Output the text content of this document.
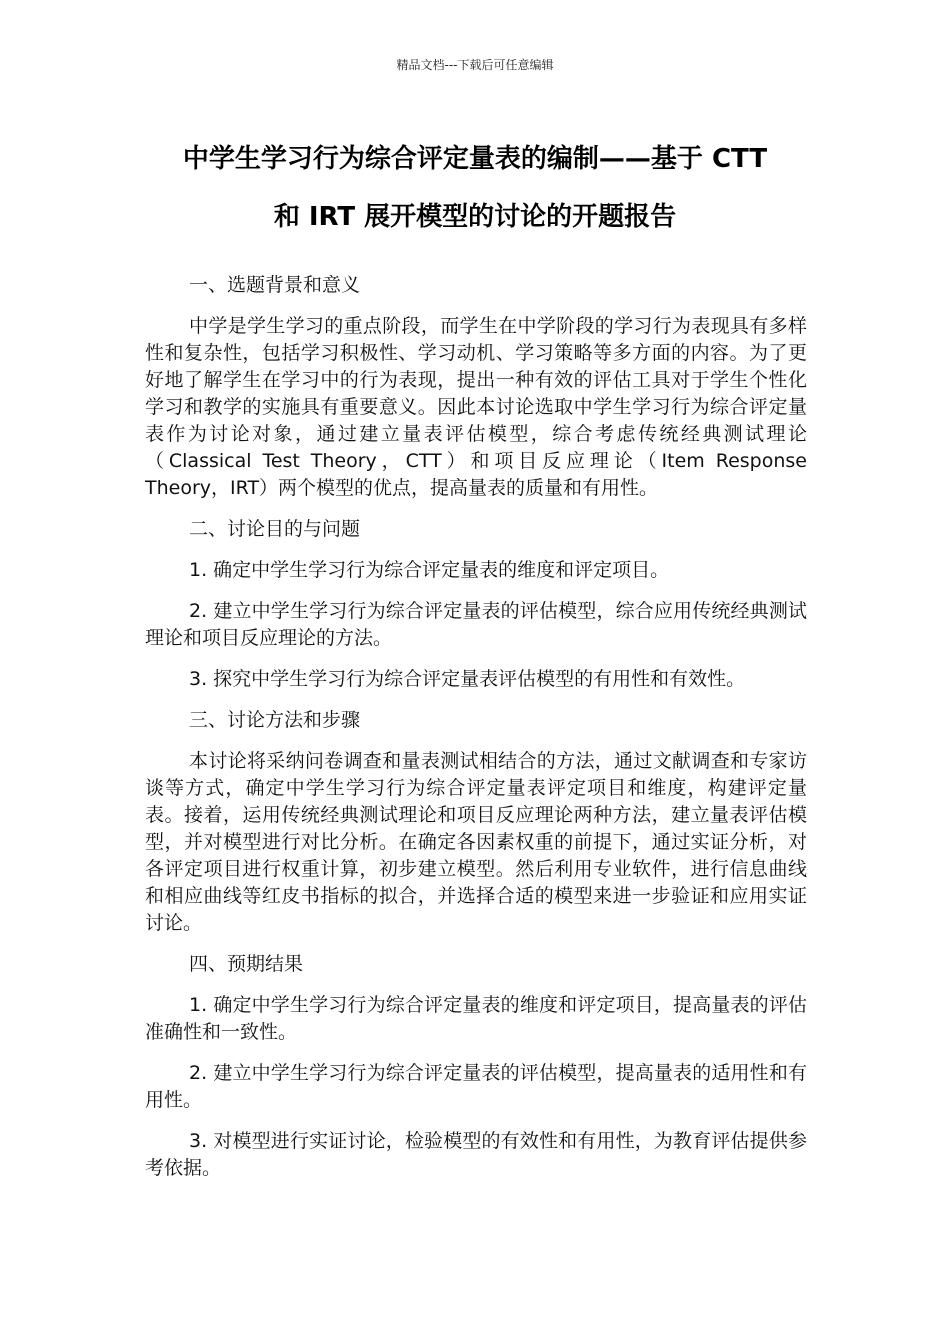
精品文档---下载后可任意编辑
中学生学习行为综合评定量表的编制——基于 CTT
和 IRT 展开模型的讨论的开题报告

一、选题背景和意义

中学是学生学习的重点阶段，而学生在中学阶段的学习行为表现具有多样性和复杂性，包括学习积极性、学习动机、学习策略等多方面的内容。为了更好地了解学生在学习中的行为表现，提出一种有效的评估工具对于学生个性化学习和教学的实施具有重要意义。因此本讨论选取中学生学习行为综合评定量表作为讨论对象，通过建立量表评估模型，综合考虑传统经典测试理论（Classical Test Theory，CTT）和项目反应理论（Item Response Theory，IRT）两个模型的优点，提高量表的质量和有用性。

二、讨论目的与问题

1. 确定中学生学习行为综合评定量表的维度和评定项目。

2. 建立中学生学习行为综合评定量表的评估模型，综合应用传统经典测试理论和项目反应理论的方法。

3. 探究中学生学习行为综合评定量表评估模型的有用性和有效性。

三、讨论方法和步骤

本讨论将采纳问卷调查和量表测试相结合的方法，通过文献调查和专家访谈等方式，确定中学生学习行为综合评定量表评定项目和维度，构建评定量表。接着，运用传统经典测试理论和项目反应理论两种方法，建立量表评估模型，并对模型进行对比分析。在确定各因素权重的前提下，通过实证分析，对各评定项目进行权重计算，初步建立模型。然后利用专业软件，进行信息曲线和相应曲线等红皮书指标的拟合，并选择合适的模型来进一步验证和应用实证讨论。

四、预期结果

1. 确定中学生学习行为综合评定量表的维度和评定项目，提高量表的评估准确性和一致性。

2. 建立中学生学习行为综合评定量表的评估模型，提高量表的适用性和有用性。

3. 对模型进行实证讨论，检验模型的有效性和有用性，为教育评估提供参考依据。
